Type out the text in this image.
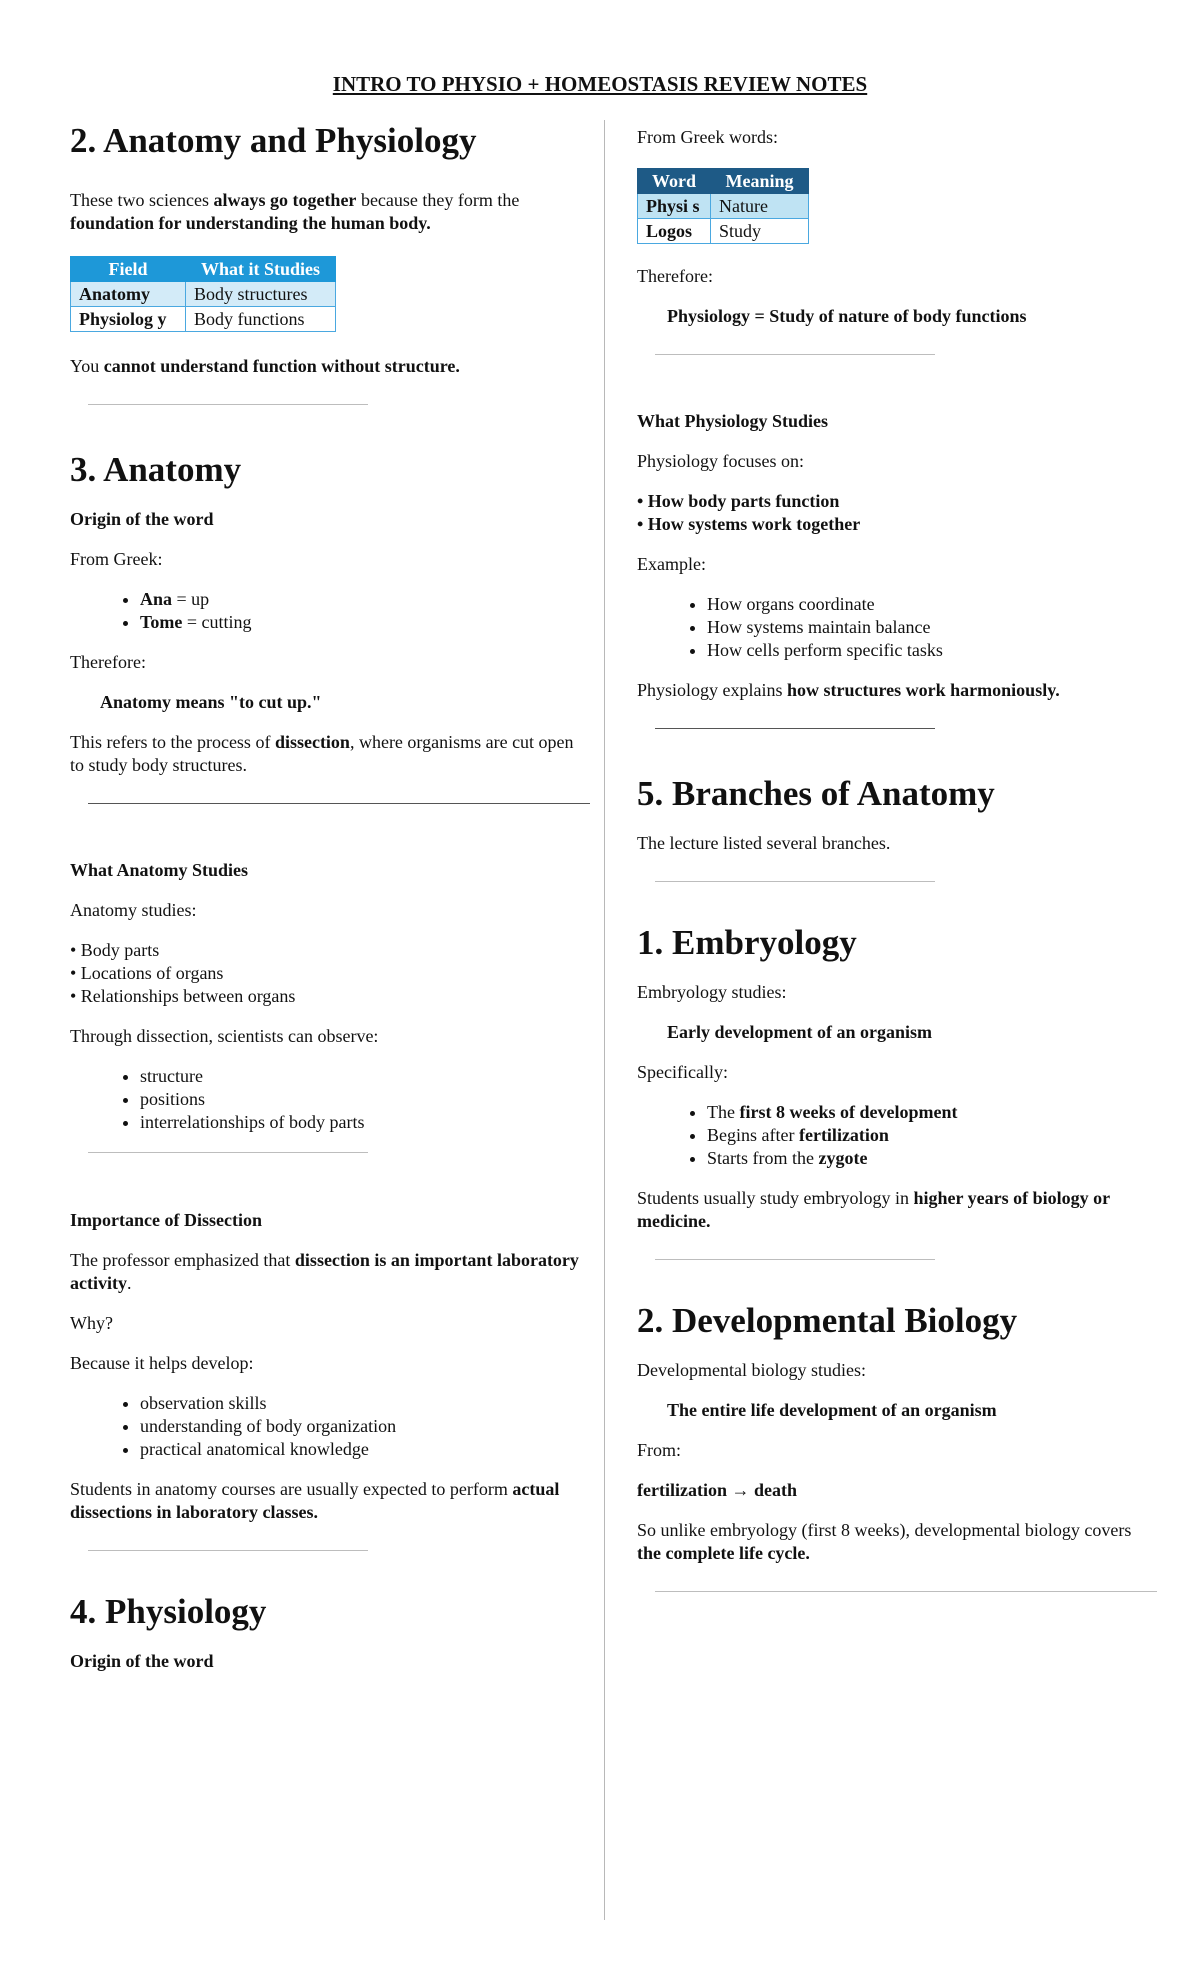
INTRO TO PHYSIO + HOMEOSTASIS REVIEW NOTES
2. Anatomy and Physiology

These two sciences always go together because they form the foundation for understanding the human body.

Field	What it Studies
Anatomy	Body structures
Physiolog y	Body functions

You cannot understand function without structure.

3. Anatomy

Origin of the word

From Greek:

• Ana = up
• Tome = cutting

Therefore:

Anatomy means "to cut up."

This refers to the process of dissection, where organisms are cut open to study body structures.

What Anatomy Studies

Anatomy studies:

• Body parts

• Locations of organs

• Relationships between organs

Through dissection, scientists can observe:

• structure
• positions
• interrelationships of body parts

Importance of Dissection

The professor emphasized that dissection is an important laboratory activity.

Why?

Because it helps develop:

• observation skills
• understanding of body organization
• practical anatomical knowledge

Students in anatomy courses are usually expected to perform actual dissections in laboratory classes.

4. Physiology

Origin of the word

From Greek words:

Word	Meaning
Physi s	Nature
Logos	Study

Therefore:

Physiology = Study of nature of body functions

What Physiology Studies

Physiology focuses on:

• How body parts function

• How systems work together

Example:

• How organs coordinate
• How systems maintain balance
• How cells perform specific tasks

Physiology explains how structures work harmoniously.

5. Branches of Anatomy

The lecture listed several branches.

1. Embryology

Embryology studies:

Early development of an organism

Specifically:

• The first 8 weeks of development
• Begins after fertilization
• Starts from the zygote

Students usually study embryology in higher years of biology or medicine.

2. Developmental Biology

Developmental biology studies:

The entire life development of an organism

From:

fertilization → death

So unlike embryology (first 8 weeks), developmental biology covers the complete life cycle.
